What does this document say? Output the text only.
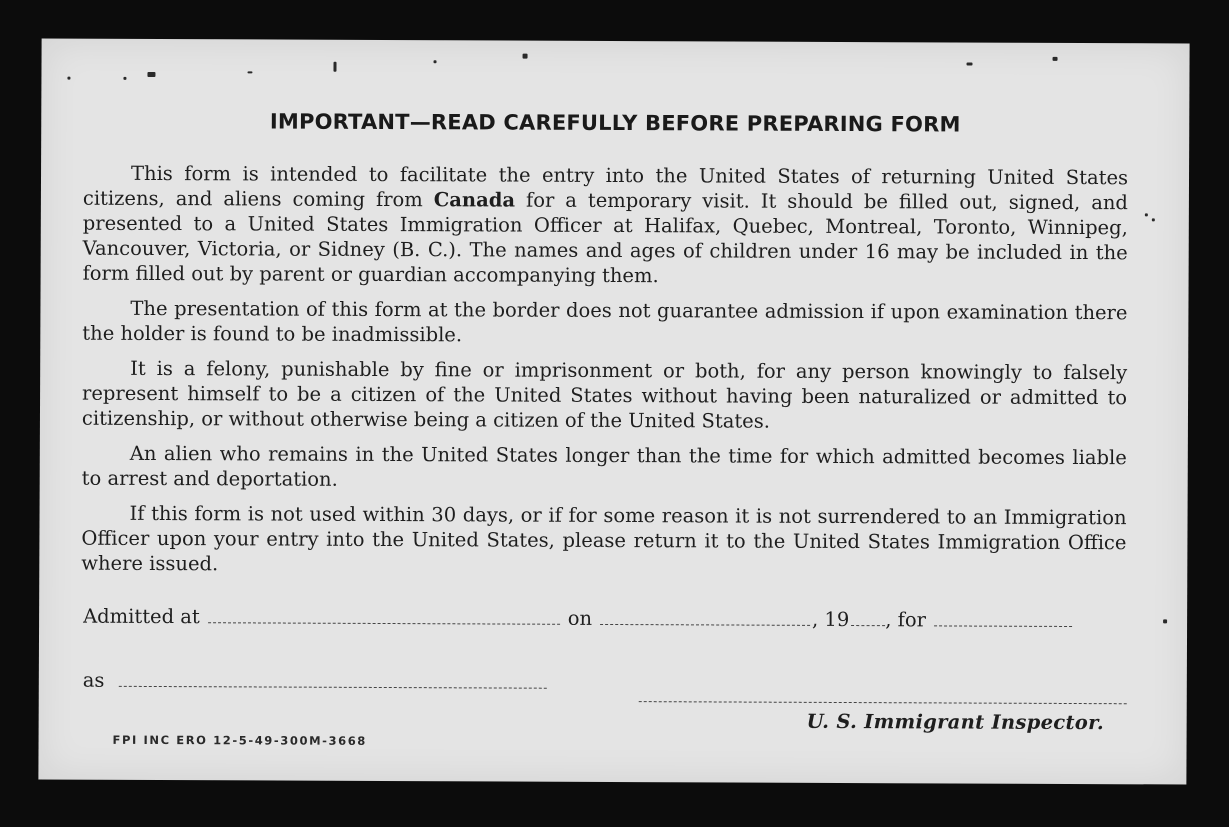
IMPORTANT—READ CAREFULLY BEFORE PREPARING FORM

This form is intended to facilitate the entry into the United States of returning United States citizens, and aliens coming from Canada for a temporary visit. It should be filled out, signed, and presented to a United States Immigration Officer at Halifax, Quebec, Montreal, Toronto, Winnipeg, Vancouver, Victoria, or Sidney (B. C.). The names and ages of children under 16 may be included in the form filled out by parent or guardian accompanying them.

The presentation of this form at the border does not guarantee admission if upon examination there the holder is found to be inadmissible.

It is a felony, punishable by fine or imprisonment or both, for any person knowingly to falsely represent himself to be a citizen of the United States without having been naturalized or admitted to citizenship, or without otherwise being a citizen of the United States.

An alien who remains in the United States longer than the time for which admitted becomes liable to arrest and deportation.

If this form is not used within 30 days, or if for some reason it is not surrendered to an Immigration Officer upon your entry into the United States, please return it to the United States Immigration Office where issued.

Admitted at	on	, 19 , for
as
U. S. Immigrant Inspector.
FPI INC ERO 12-5-49-300M-3668
